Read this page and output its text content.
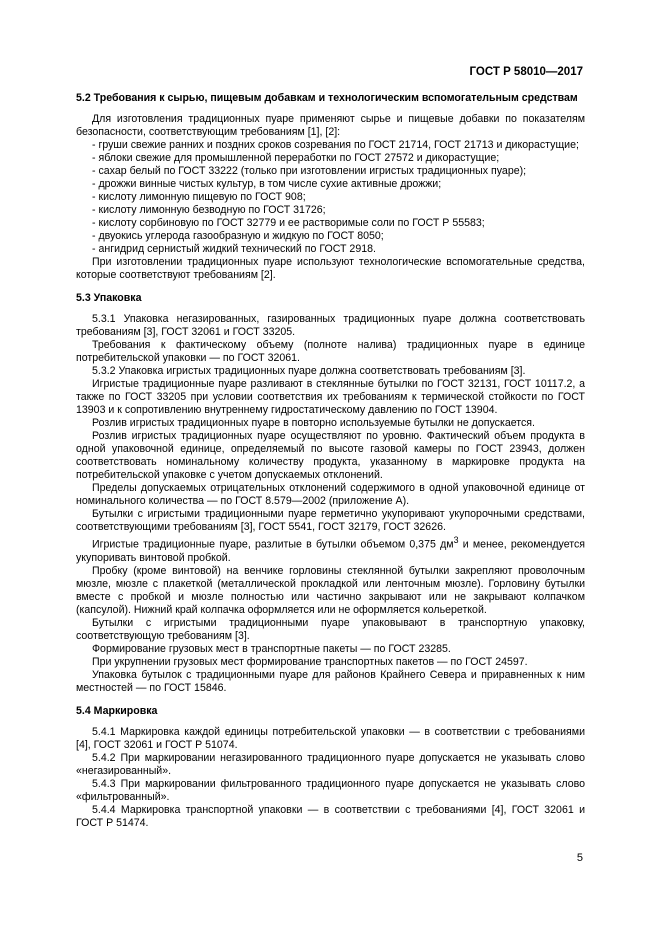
ГОСТ Р 58010—2017

5.2 Требования к сырью, пищевым добавкам и технологическим вспомогательным средствам

Для изготовления традиционных пуаре применяют сырье и пищевые добавки по показателям безопасности, соответствующим требованиям [1], [2]:

- груши свежие ранних и поздних сроков созревания по ГОСТ 21714, ГОСТ 21713 и дикорастущие;

- яблоки свежие для промышленной переработки по ГОСТ 27572 и дикорастущие;

- сахар белый по ГОСТ 33222 (только при изготовлении игристых традиционных пуаре);

- дрожжи винные чистых культур, в том числе сухие активные дрожжи;

- кислоту лимонную пищевую по ГОСТ 908;

- кислоту лимонную безводную по ГОСТ 31726;

- кислоту сорбиновую по ГОСТ 32779 и ее растворимые соли по ГОСТ Р 55583;

- двуокись углерода газообразную и жидкую по ГОСТ 8050;

- ангидрид сернистый жидкий технический по ГОСТ 2918.

При изготовлении традиционных пуаре используют технологические вспомогательные средства, которые соответствуют требованиям [2].

5.3 Упаковка

5.3.1 Упаковка негазированных, газированных традиционных пуаре должна соответствовать требованиям [3], ГОСТ 32061 и ГОСТ 33205.

Требования к фактическому объему (полноте налива) традиционных пуаре в единице потребительской упаковки — по ГОСТ 32061.

5.3.2 Упаковка игристых традиционных пуаре должна соответствовать требованиям [3].

Игристые традиционные пуаре разливают в стеклянные бутылки по ГОСТ 32131, ГОСТ 10117.2, а также по ГОСТ 33205 при условии соответствия их требованиям к термической стойкости по ГОСТ 13903 и к сопротивлению внутреннему гидростатическому давлению по ГОСТ 13904.

Розлив игристых традиционных пуаре в повторно используемые бутылки не допускается.

Розлив игристых традиционных пуаре осуществляют по уровню. Фактический объем продукта в одной упаковочной единице, определяемый по высоте газовой камеры по ГОСТ 23943, должен соответствовать номинальному количеству продукта, указанному в маркировке продукта на потребительской упаковке с учетом допускаемых отклонений.

Пределы допускаемых отрицательных отклонений содержимого в одной упаковочной единице от номинального количества — по ГОСТ 8.579—2002 (приложение А).

Бутылки с игристыми традиционными пуаре герметично укупоривают укупорочными средствами, соответствующими требованиям [3], ГОСТ 5541, ГОСТ 32179, ГОСТ 32626.

Игристые традиционные пуаре, разлитые в бутылки объемом 0,375 $дм^3$ и менее, рекомендуется укупоривать винтовой пробкой.

Пробку (кроме винтовой) на венчике горловины стеклянной бутылки закрепляют проволочным мюзле, мюзле с плакеткой (металлической прокладкой или ленточным мюзле). Горловину бутылки вместе с пробкой и мюзле полностью или частично закрывают или не закрывают колпачком (капсулой). Нижний край колпачка оформляется или не оформляется кольереткой.

Бутылки с игристыми традиционными пуаре упаковывают в транспортную упаковку, соответствующую требованиям [3].

Формирование грузовых мест в транспортные пакеты — по ГОСТ 23285.

При укрупнении грузовых мест формирование транспортных пакетов — по ГОСТ 24597.

Упаковка бутылок с традиционными пуаре для районов Крайнего Севера и приравненных к ним местностей — по ГОСТ 15846.

5.4 Маркировка

5.4.1 Маркировка каждой единицы потребительской упаковки — в соответствии с требованиями [4], ГОСТ 32061 и ГОСТ Р 51074.

5.4.2 При маркировании негазированного традиционного пуаре допускается не указывать слово «негазированный».

5.4.3 При маркировании фильтрованного традиционного пуаре допускается не указывать слово «фильтрованный».

5.4.4 Маркировка транспортной упаковки — в соответствии с требованиями [4], ГОСТ 32061 и ГОСТ Р 51474.

5
